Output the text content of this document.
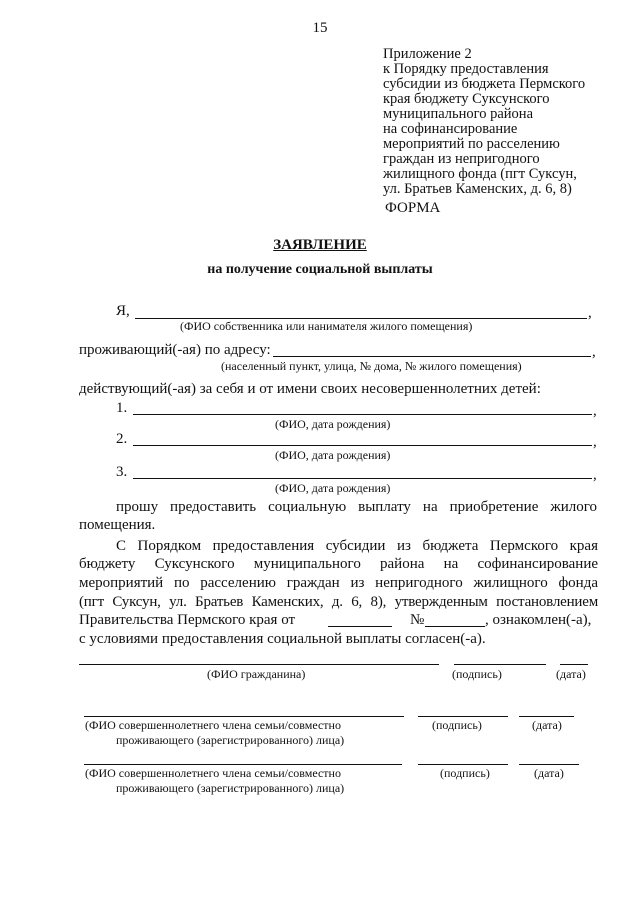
15
Приложение 2
к Порядку предоставления
субсидии из бюджета Пермского
края бюджету Суксунского
муниципального района
на софинансирование
мероприятий по расселению
граждан из непригодного
жилищного фонда (пгт Суксун,
ул. Братьев Каменских, д. 6, 8)
ФОРМА
ЗАЯВЛЕНИЕ
на получение социальной выплаты
Я,	,
(ФИО собственника или нанимателя жилого помещения)
проживающий(-ая) по адресу:	,
(населенный пункт, улица, № дома, № жилого помещения)
действующий(-ая) за себя и от имени своих несовершеннолетних детей:
1.	,
(ФИО, дата рождения)
2.	,
(ФИО, дата рождения)
3.	,
(ФИО, дата рождения)
прошу предоставить социальную выплату на приобретение жилого
помещения.
С Порядком предоставления субсидии из бюджета Пермского края
бюджету Суксунского муниципального района на софинансирование
мероприятий по расселению граждан из непригодного жилищного фонда
(пгт Суксун, ул. Братьев Каменских, д. 6, 8), утвержденным постановлением
Правительства Пермского края от	№	, ознакомлен(-а),
с условиями предоставления социальной выплаты согласен(-а).
(ФИО гражданина)	(подпись)	(дата)
(ФИО совершеннолетнего члена семьи/совместно
проживающего (зарегистрированного) лица)
(подпись)	(дата)
(ФИО совершеннолетнего члена семьи/совместно
проживающего (зарегистрированного) лица)
(подпись)	(дата)
